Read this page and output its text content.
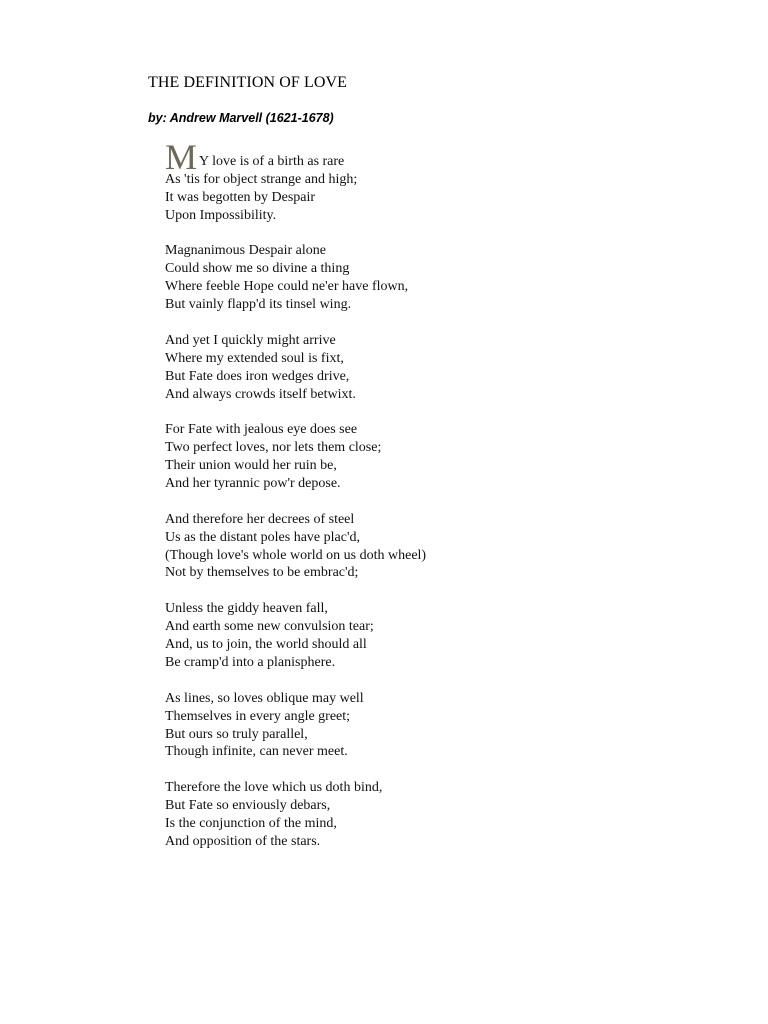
THE DEFINITION OF LOVE
by: Andrew Marvell (1621-1678)
M Y love is of a birth as rare
As 'tis for object strange and high;
It was begotten by Despair
Upon Impossibility.
Magnanimous Despair alone
Could show me so divine a thing
Where feeble Hope could ne'er have flown,
But vainly flapp'd its tinsel wing.
And yet I quickly might arrive
Where my extended soul is fixt,
But Fate does iron wedges drive,
And always crowds itself betwixt.
For Fate with jealous eye does see
Two perfect loves, nor lets them close;
Their union would her ruin be,
And her tyrannic pow'r depose.
And therefore her decrees of steel
Us as the distant poles have plac'd,
(Though love's whole world on us doth wheel)
Not by themselves to be embrac'd;
Unless the giddy heaven fall,
And earth some new convulsion tear;
And, us to join, the world should all
Be cramp'd into a planisphere.
As lines, so loves oblique may well
Themselves in every angle greet;
But ours so truly parallel,
Though infinite, can never meet.
Therefore the love which us doth bind,
But Fate so enviously debars,
Is the conjunction of the mind,
And opposition of the stars.
